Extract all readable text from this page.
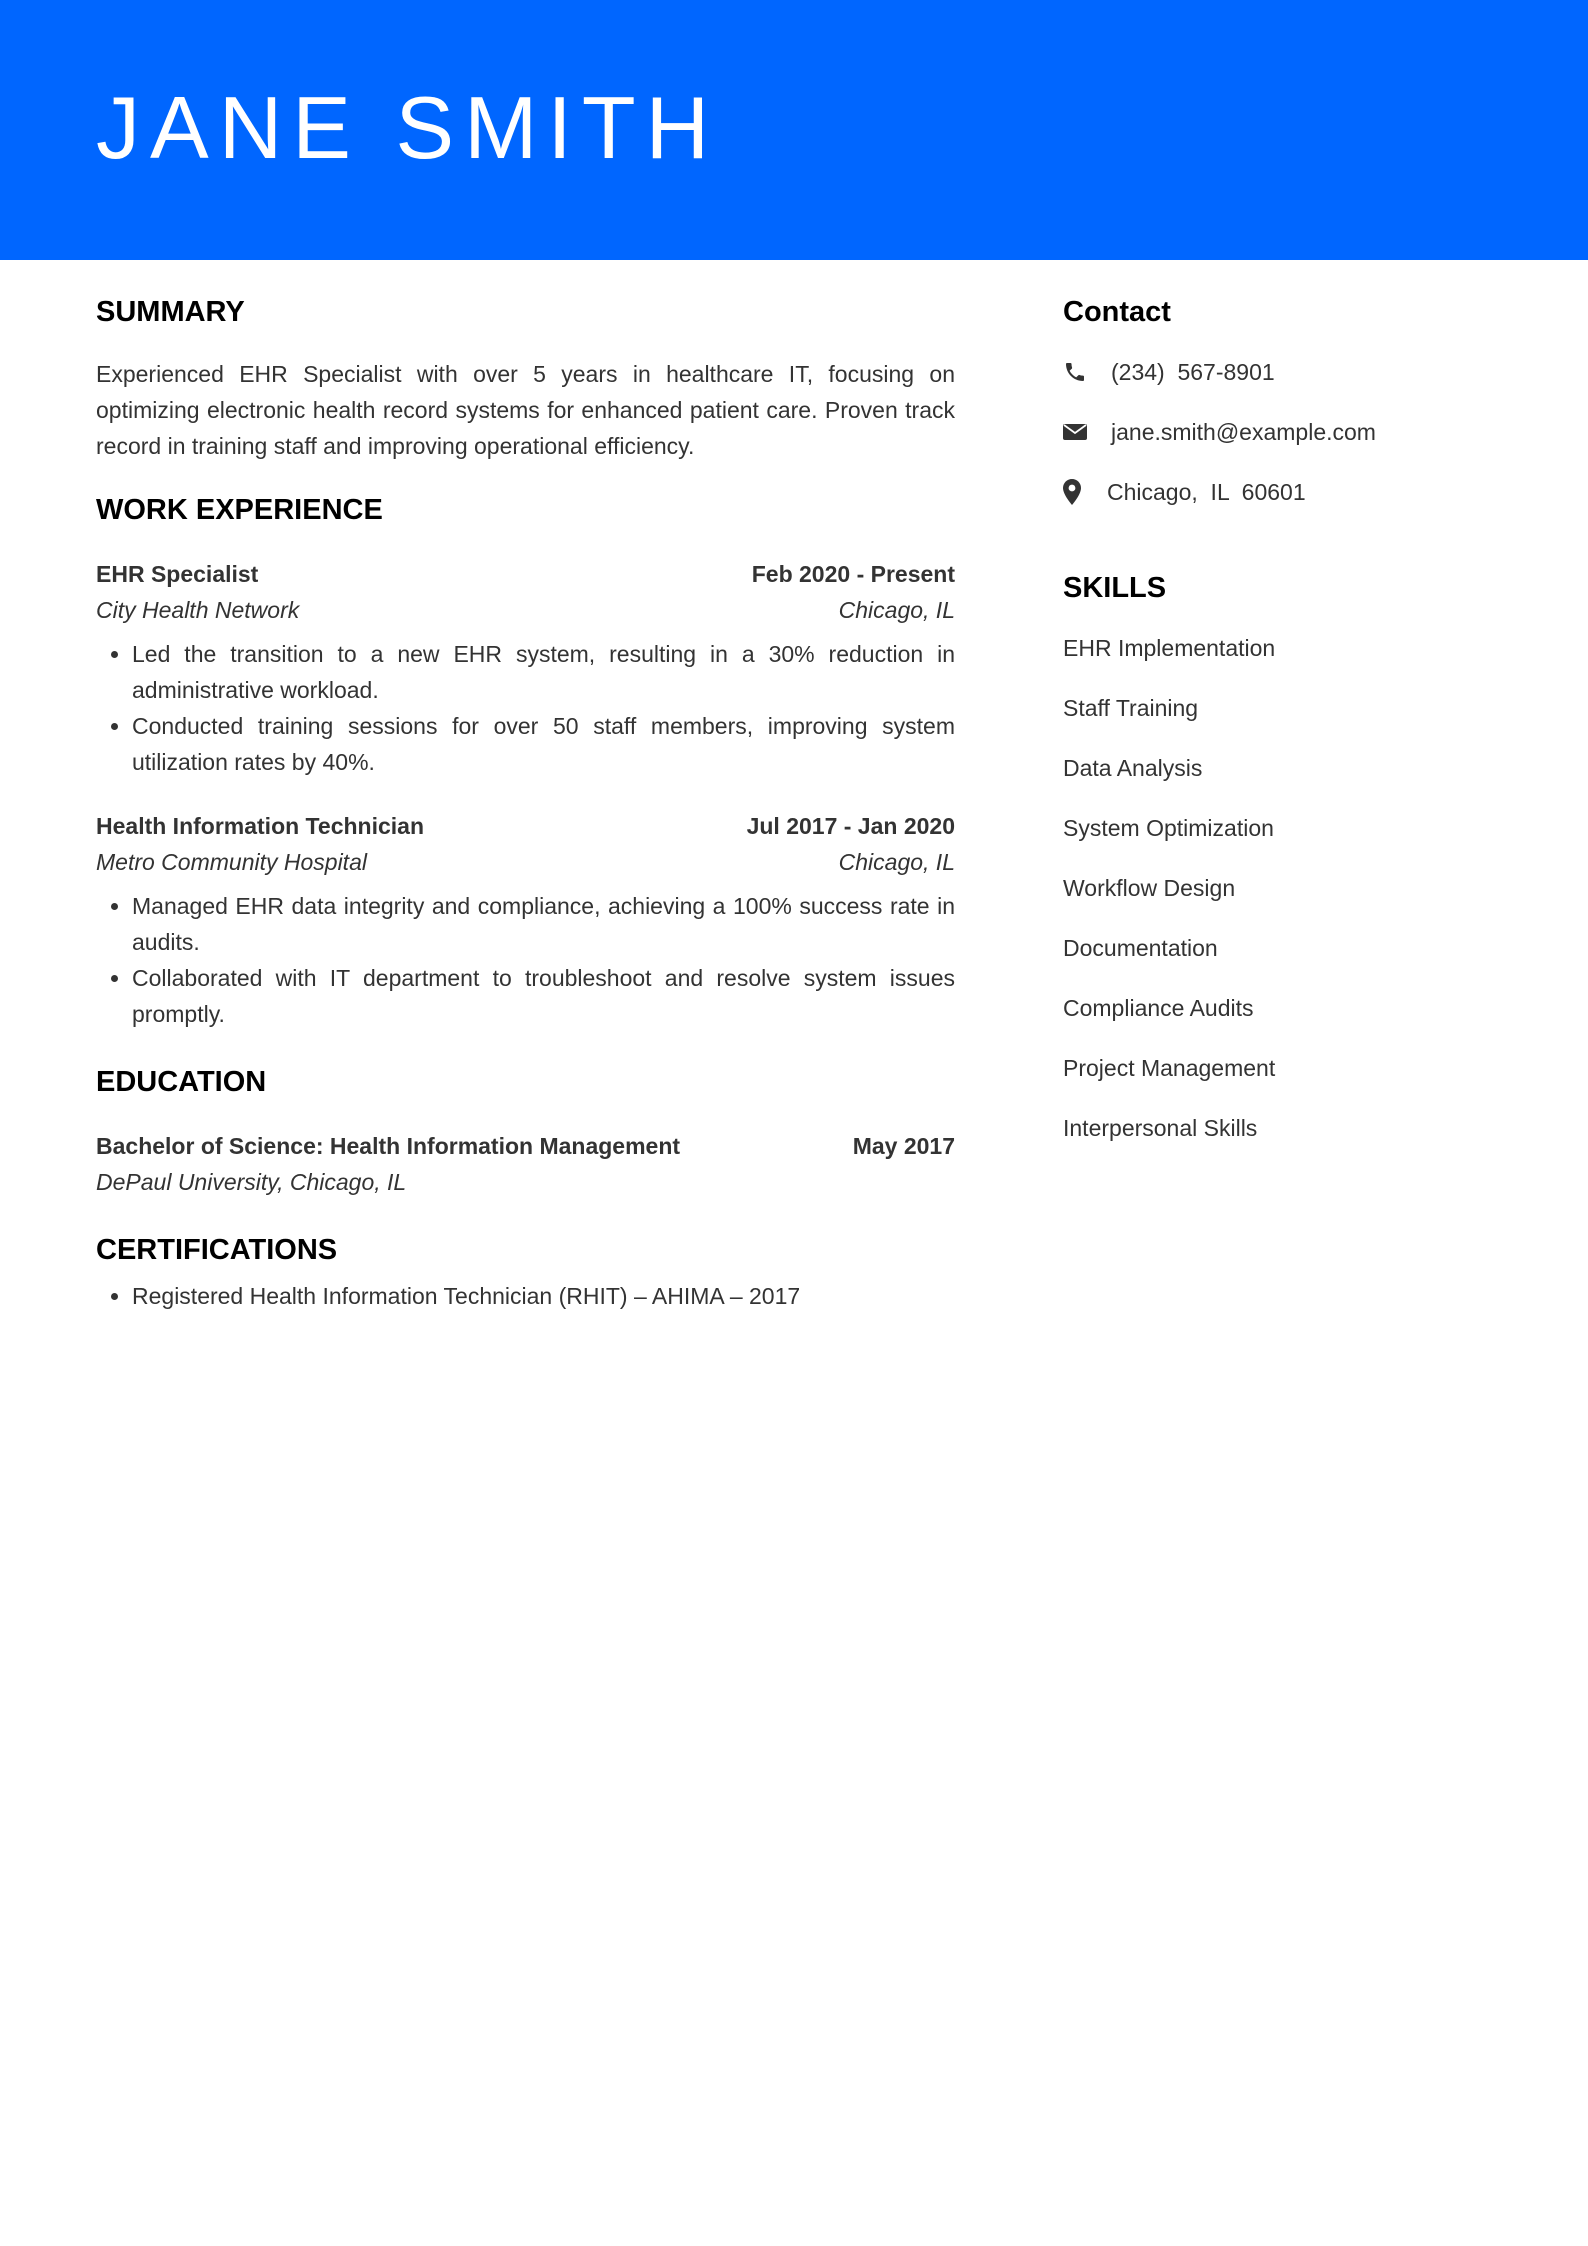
JANE SMITH
SUMMARY

Experienced EHR Specialist with over 5 years in healthcare IT, focusing on optimizing electronic health record systems for enhanced patient care. Proven track record in training staff and improving operational efficiency.

WORK EXPERIENCE
EHR Specialist	Feb 2020 - Present
City Health Network	Chicago, IL
• Led the transition to a new EHR system, resulting in a 30% reduction in administrative workload.
• Conducted training sessions for over 50 staff members, improving system utilization rates by 40%.
Health Information Technician	Jul 2017 - Jan 2020
Metro Community Hospital	Chicago, IL
• Managed EHR data integrity and compliance, achieving a 100% success rate in audits.
• Collaborated with IT department to troubleshoot and resolve system issues promptly.
EDUCATION
Bachelor of Science: Health Information Management	May 2017
DePaul University, Chicago, IL
CERTIFICATIONS
• Registered Health Information Technician (RHIT) – AHIMA – 2017
Contact
(234)  567-8901
jane.smith@example.com
Chicago,  IL  60601
SKILLS
EHR Implementation
Staff Training
Data Analysis
System Optimization
Workflow Design
Documentation
Compliance Audits
Project Management
Interpersonal Skills
